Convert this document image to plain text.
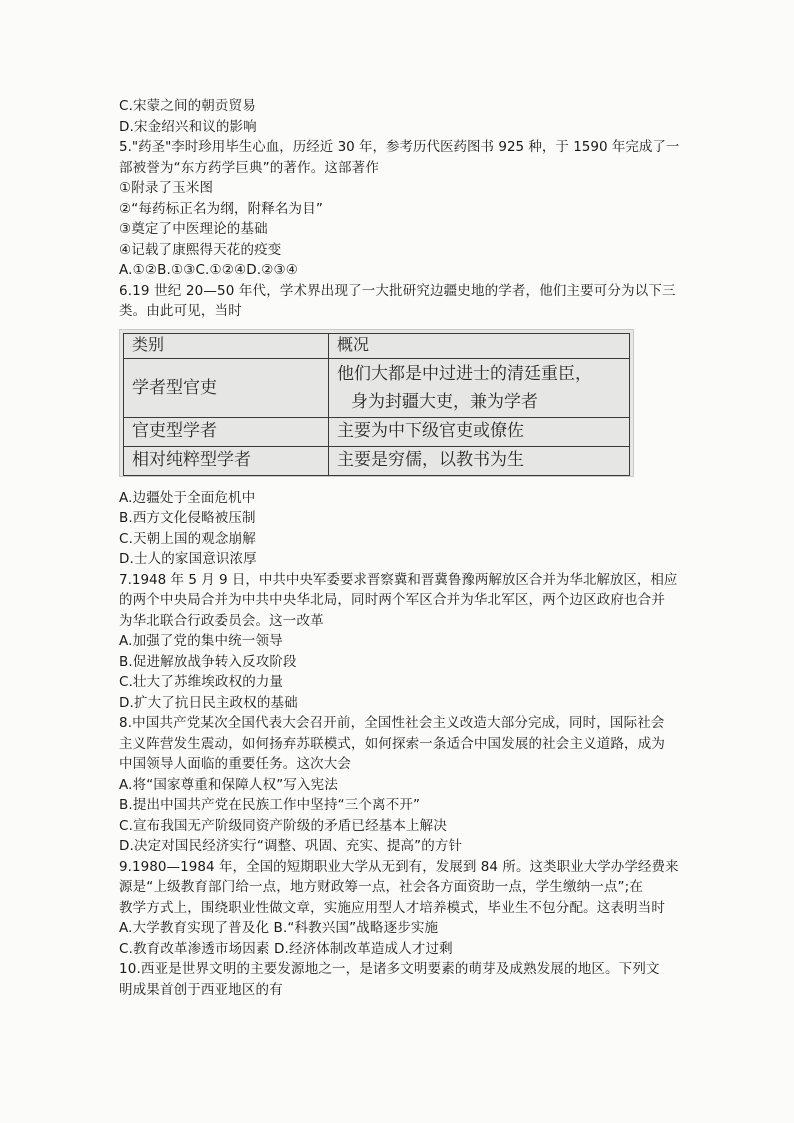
C.宋蒙之间的朝贡贸易
D.宋金绍兴和议的影响
5."药圣"李时珍用毕生心血，历经近 30 年，参考历代医药图书 925 种，于 1590 年完成了一
部被誉为“东方药学巨典”的著作。这部著作
①附录了玉米图
②“每药标正名为纲，附释名为目”
③奠定了中医理论的基础
④记载了康熙得天花的疫变
A.①②B.①③C.①②④D.②③④
6.19 世纪 20—50 年代，学术界出现了一大批研究边疆史地的学者，他们主要可分为以下三
类。由此可见，当时
类别	概况
学者型官吏	他们大都是中过进士的清廷重臣，
身为封疆大吏，兼为学者

官吏型学者	主要为中下级官吏或僚佐
相对纯粹型学者	主要是穷儒，以教书为生
A.边疆处于全面危机中
B.西方文化侵略被压制
C.天朝上国的观念崩解
D.士人的家国意识浓厚
7.1948 年 5 月 9 日，中共中央军委要求晋察冀和晋冀鲁豫两解放区合并为华北解放区，相应
的两个中央局合并为中共中央华北局，同时两个军区合并为华北军区，两个边区政府也合并
为华北联合行政委员会。这一改革
A.加强了党的集中统一领导
B.促进解放战争转入反攻阶段
C.壮大了苏维埃政权的力量
D.扩大了抗日民主政权的基础
8.中国共产党某次全国代表大会召开前，全国性社会主义改造大部分完成，同时，国际社会
主义阵营发生震动，如何扬弃苏联模式，如何探索一条适合中国发展的社会主义道路，成为
中国领导人面临的重要任务。这次大会
A.将“国家尊重和保障人权”写入宪法
B.提出中国共产党在民族工作中坚持“三个离不开”
C.宣布我国无产阶级同资产阶级的矛盾已经基本上解决
D.决定对国民经济实行“调整、巩固、充实、提高”的方针
9.1980—1984 年，全国的短期职业大学从无到有，发展到 84 所。这类职业大学办学经费来
源是“上级教育部门给一点，地方财政筹一点，社会各方面资助一点，学生缴纳一点”;在
教学方式上，围绕职业性做文章，实施应用型人才培养模式，毕业生不包分配。这表明当时
A.大学教育实现了普及化 B.“科教兴国”战略逐步实施
C.教育改革渗透市场因素 D.经济体制改革造成人才过剩
10.西亚是世界文明的主要发源地之一，是诸多文明要素的萌芽及成熟发展的地区。下列文
明成果首创于西亚地区的有
